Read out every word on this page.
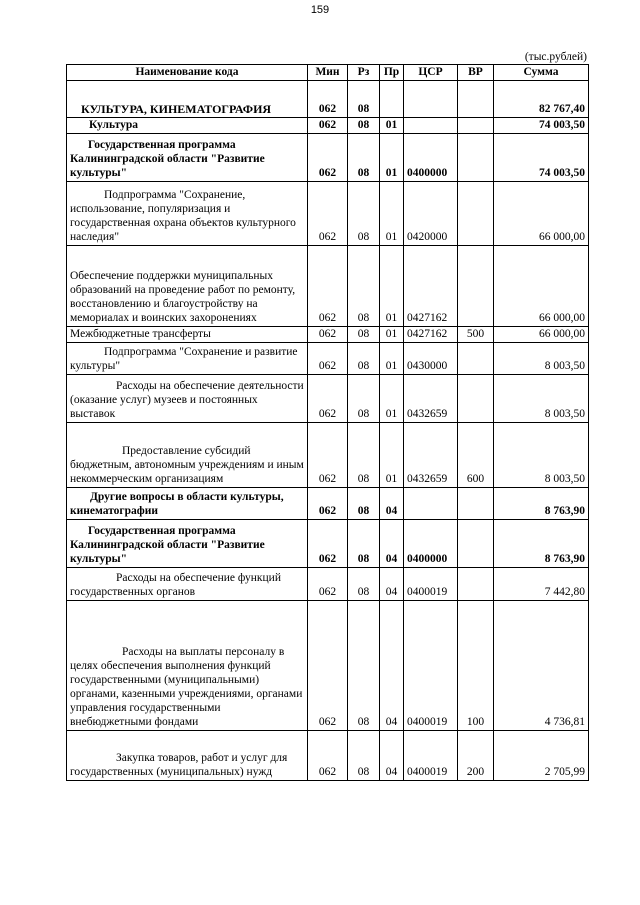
159
(тыс.рублей)
Наименование кода	Мин	Рз	Пр	ЦСР	ВР	Сумма
КУЛЬТУРА, КИНЕМАТОГРАФИЯ	062	08				82 767,40
Культура	062	08	01			74 003,50
Государственная программа Калининградской области "Развитие культуры"	062	08	01	0400000		74 003,50
Подпрограмма "Сохранение, использование, популяризация и государственная охрана объектов культурного наследия"	062	08	01	0420000		66 000,00
Обеспечение поддержки муниципальных образований на проведение работ по ремонту, восстановлению и благоустройству на мемориалах и воинских захоронениях	062	08	01	0427162		66 000,00
Межбюджетные трансферты	062	08	01	0427162	500	66 000,00
Подпрограмма "Сохранение и развитие культуры"	062	08	01	0430000		8 003,50
Расходы на обеспечение деятельности (оказание услуг) музеев и постоянных выставок	062	08	01	0432659		8 003,50
Предоставление субсидий бюджетным, автономным учреждениям и иным некоммерческим организациям	062	08	01	0432659	600	8 003,50
Другие вопросы в области культуры, кинематографии	062	08	04			8 763,90
Государственная программа Калининградской области "Развитие культуры"	062	08	04	0400000		8 763,90
Расходы на обеспечение функций государственных органов	062	08	04	0400019		7 442,80
Расходы на выплаты персоналу в целях обеспечения выполнения функций государственными (муниципальными) органами, казенными учреждениями, органами управления государственными внебюджетными фондами	062	08	04	0400019	100	4 736,81
Закупка товаров, работ и услуг для государственных (муниципальных) нужд	062	08	04	0400019	200	2 705,99
